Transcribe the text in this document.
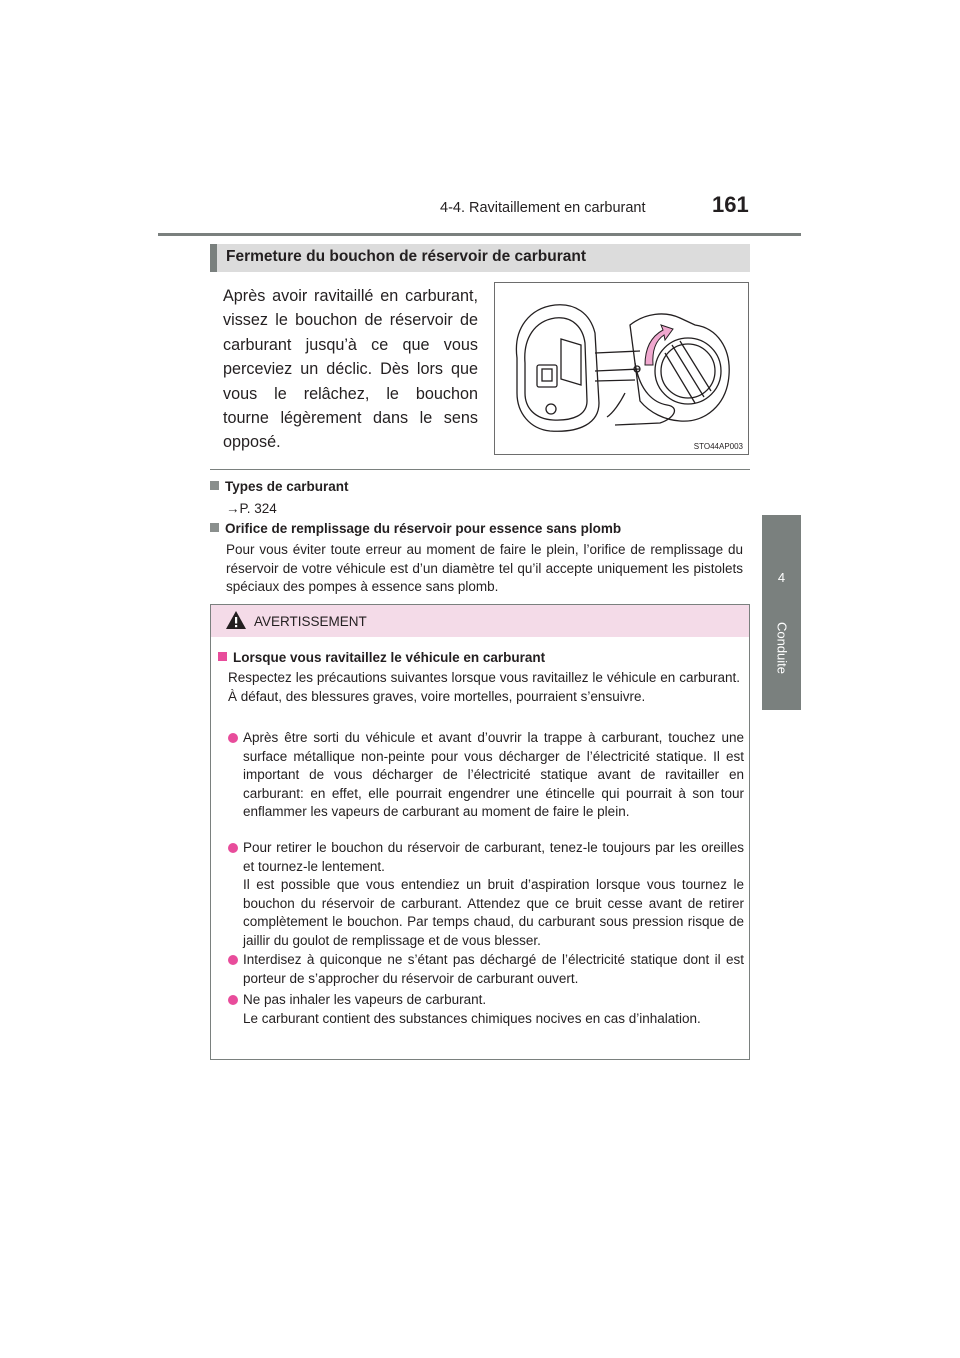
4-4. Ravitaillement en carburant	161
4
Conduite
Fermeture du bouchon de réservoir de carburant
Après avoir ravitaillé en carburant, vissez le bouchon de réservoir de carburant jusqu’à ce que vous perceviez un déclic. Dès lors que vous le relâchez, le bouchon tourne légèrement dans le sens opposé.	STO44AP003
Types de carburant
→P. 324
Orifice de remplissage du réservoir pour essence sans plomb
Pour vous éviter toute erreur au moment de faire le plein, l’orifice de remplissage du réservoir de votre véhicule est d’un diamètre tel qu’il accepte uniquement les pistolets spéciaux des pompes à essence sans plomb.
AVERTISSEMENT
Lorsque vous ravitaillez le véhicule en carburant
Respectez les précautions suivantes lorsque vous ravitaillez le véhicule en carburant. À défaut, des blessures graves, voire mortelles, pourraient s’ensuivre.
Après être sorti du véhicule et avant d’ouvrir la trappe à carburant, touchez une surface métallique non-peinte pour vous décharger de l’électricité statique. Il est important de vous décharger de l’électricité statique avant de ravitailler en carburant: en effet, elle pourrait engendrer une étincelle qui pourrait à son tour enflammer les vapeurs de carburant au moment de faire le plein.
Pour retirer le bouchon du réservoir de carburant, tenez-le toujours par les oreilles et tournez-le lentement.
Il est possible que vous entendiez un bruit d’aspiration lorsque vous tournez le bouchon du réservoir de carburant. Attendez que ce bruit cesse avant de retirer complètement le bouchon. Par temps chaud, du carburant sous pression risque de jaillir du goulot de remplissage et de vous blesser.
Interdisez à quiconque ne s’étant pas déchargé de l’électricité statique dont il est porteur de s’approcher du réservoir de carburant ouvert.
Ne pas inhaler les vapeurs de carburant.
Le carburant contient des substances chimiques nocives en cas d’inhalation.
